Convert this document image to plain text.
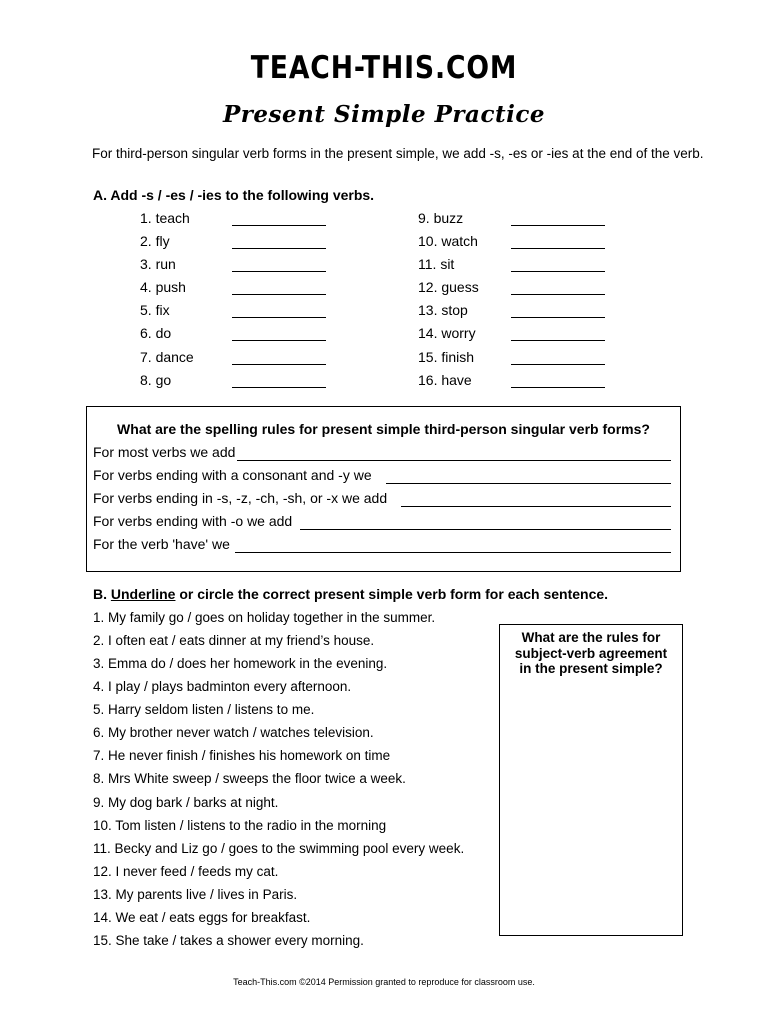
TEACH-THIS.COM
Present Simple Practice
For third-person singular verb forms in the present simple, we add -s, -es or -ies at the end of the verb.
A. Add -s / -es / -ies to the following verbs.
1. teach
2. fly
3. run
4. push
5. fix
6. do
7. dance
8. go
9. buzz
10. watch
11. sit
12. guess
13. stop
14. worry
15. finish
16. have
What are the spelling rules for present simple third-person singular verb forms?
For most verbs we add
For verbs ending with a consonant and -y we
For verbs ending in -s, -z, -ch, -sh, or -x we add
For verbs ending with -o we add
For the verb 'have' we
B. Underline or circle the correct present simple verb form for each sentence.
1. My family go / goes on holiday together in the summer.
2. I often eat / eats dinner at my friend’s house.
3. Emma do / does her homework in the evening.
4. I play / plays badminton every afternoon.
5. Harry seldom listen / listens to me.
6. My brother never watch / watches television.
7. He never finish / finishes his homework on time
8. Mrs White sweep / sweeps the floor twice a week.
9. My dog bark / barks at night.
10. Tom listen / listens to the radio in the morning
11. Becky and Liz go / goes to the swimming pool every week.
12. I never feed / feeds my cat.
13. My parents live / lives in Paris.
14. We eat / eats eggs for breakfast.
15. She take / takes a shower every morning.
What are the rules for
subject-verb agreement
in the present simple?
Teach-This.com ©2014 Permission granted to reproduce for classroom use.
